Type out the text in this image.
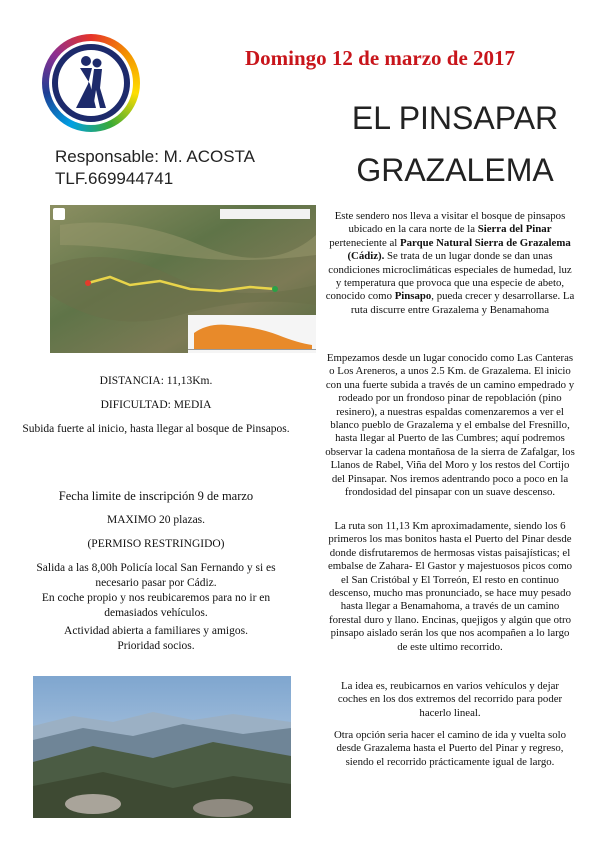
Domingo 12 de marzo de 2017
EL PINSAPAR
GRAZALEMA
Responsable: M. ACOSTA
TLF.669944741
DISTANCIA: 11,13Km.
DIFICULTAD: MEDIA
Subida fuerte al inicio, hasta llegar al bosque de Pinsapos.
Fecha limite de inscripción 9 de marzo
MAXIMO 20 plazas.
(PERMISO RESTRINGIDO)
Salida a las 8,00h Policía local San Fernando y si es necesario pasar por Cádiz.
En coche propio y nos reubicaremos para no ir en demasiados vehículos.
Actividad abierta a familiares y amigos.
Prioridad socios.
Este sendero nos lleva a visitar el bosque de pinsapos ubicado en la cara norte de la Sierra del Pinar perteneciente al Parque Natural Sierra de Grazalema (Cádiz). Se trata de un lugar donde se dan unas condiciones microclimáticas especiales de humedad, luz y temperatura que provoca que una especie de abeto, conocido como Pinsapo, pueda crecer y desarrollarse. La ruta discurre entre Grazalema y Benamahoma
Empezamos desde un lugar conocido como Las Canteras o Los Areneros, a unos 2.5 Km. de Grazalema. El inicio con una fuerte subida a través de un camino empedrado y rodeado por un frondoso pinar de repoblación (pino resinero), a nuestras espaldas comenzaremos a ver el blanco pueblo de Grazalema y el embalse del Fresnillo, hasta llegar al Puerto de las Cumbres; aquí podremos observar la cadena montañosa de la sierra de Zafalgar, los Llanos de Rabel, Viña del Moro y los restos del Cortijo del Pinsapar. Nos iremos adentrando poco a poco en la frondosidad del pinsapar con un suave descenso.
La ruta son 11,13 Km aproximadamente, siendo los 6 primeros los mas bonitos hasta el Puerto del Pinar desde donde disfrutaremos de hermosas vistas paisajísticas; el embalse de Zahara- El Gastor y majestuosos picos como el San Cristóbal y El Torreón, El resto en continuo descenso, mucho mas pronunciado, se hace muy pesado hasta llegar a Benamahoma, a través de un camino forestal duro y llano. Encinas, quejigos y algún que otro pinsapo aislado serán los que nos acompañen a lo largo de este ultimo recorrido.
La idea es, reubicarnos en varios vehículos y dejar coches en los dos extremos del recorrido para poder hacerlo lineal.
Otra opción seria hacer el camino de ida y vuelta solo desde Grazalema hasta el Puerto del Pinar y regreso, siendo el recorrido prácticamente igual de largo.
